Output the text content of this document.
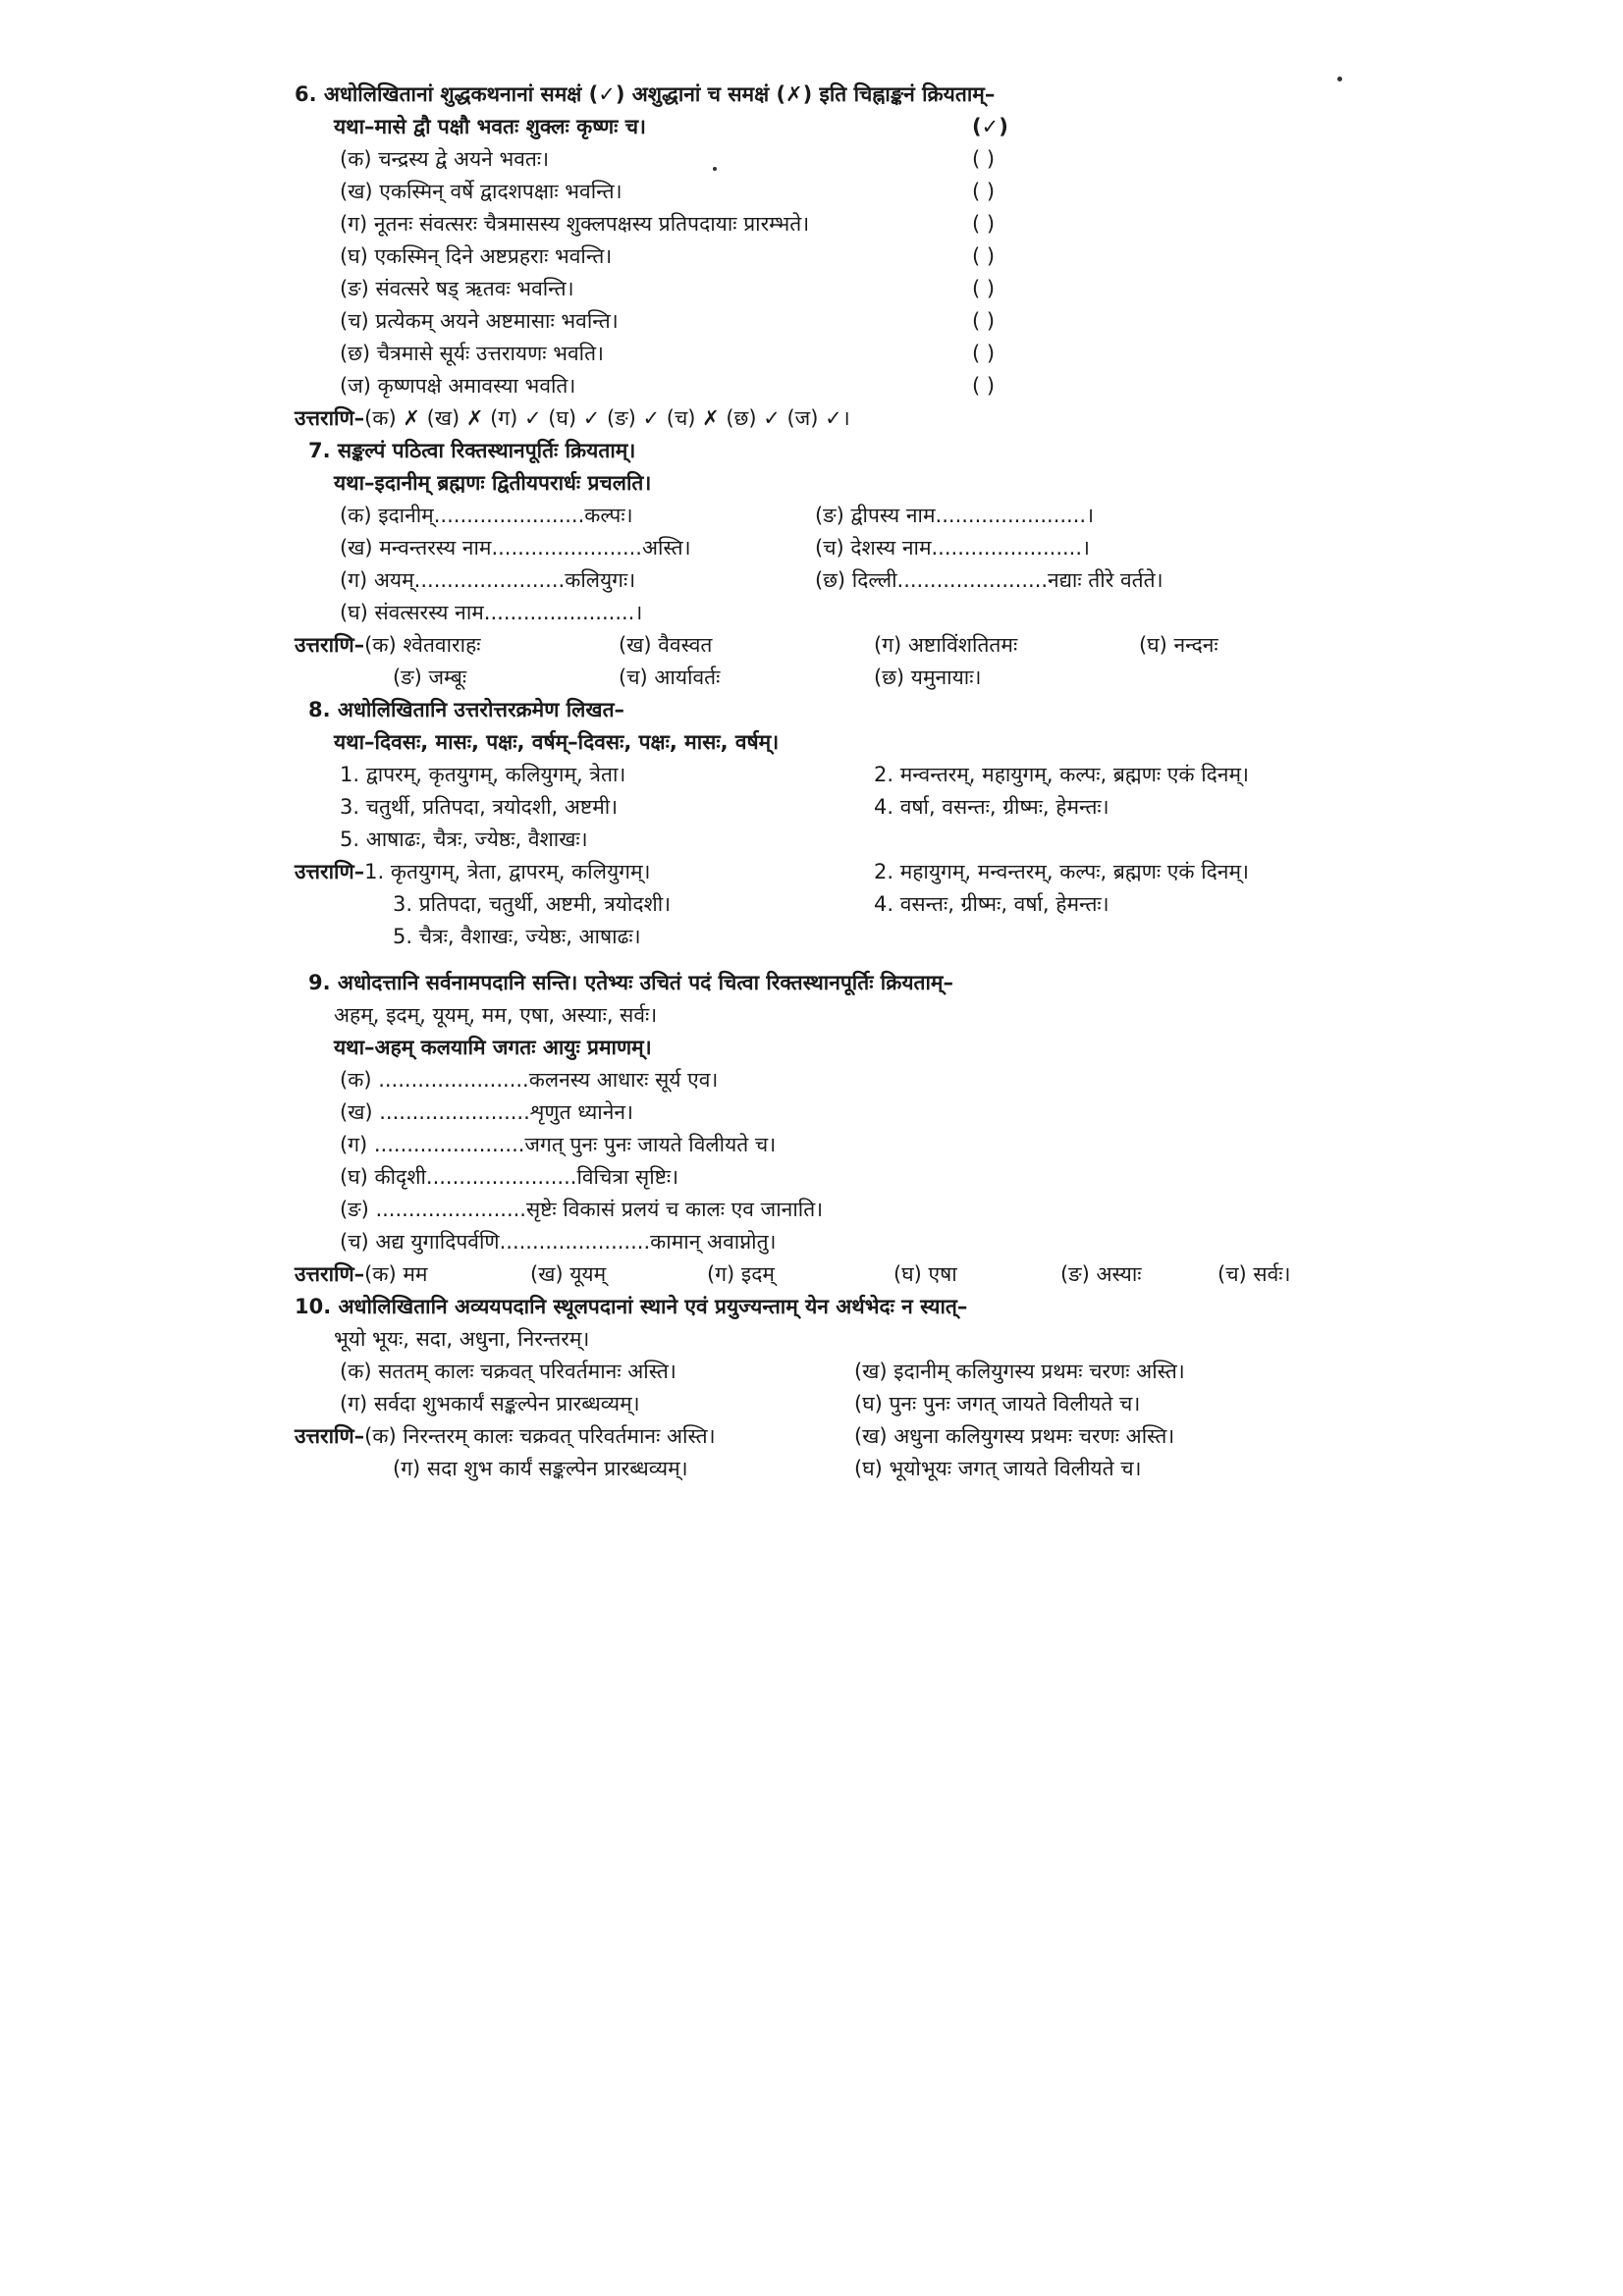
6. अधोलिखितानां शुद्धकथनानां समक्षं (✓) अशुद्धानां च समक्षं (✗) इति चिह्नाङ्कनं क्रियताम्–
यथा–मासे द्वौ पक्षौ भवतः शुक्लः कृष्णः च।	(✓)
(क) चन्द्रस्य द्वे अयने भवतः।	( )
(ख) एकस्मिन् वर्षे द्वादशपक्षाः भवन्ति।	( )
(ग) नूतनः संवत्सरः चैत्रमासस्य शुक्लपक्षस्य प्रतिपदायाः प्रारम्भते।	( )
(घ) एकस्मिन् दिने अष्टप्रहराः भवन्ति।	( )
(ङ) संवत्सरे षड् ऋतवः भवन्ति।	( )
(च) प्रत्येकम् अयने अष्टमासाः भवन्ति।	( )
(छ) चैत्रमासे सूर्यः उत्तरायणः भवति।	( )
(ज) कृष्णपक्षे अमावस्या भवति।	( )
उत्तराणि–(क) ✗ (ख) ✗ (ग) ✓ (घ) ✓ (ङ) ✓ (च) ✗ (छ) ✓ (ज) ✓।
7. सङ्कल्पं पठित्वा रिक्तस्थानपूर्तिः क्रियताम्।
यथा–इदानीम् ब्रह्मणः द्वितीयपरार्धः प्रचलति।
(क) इदानीम्.......................कल्पः।	(ङ) द्वीपस्य नाम.......................।
(ख) मन्वन्तरस्य नाम.......................अस्ति।	(च) देशस्य नाम.......................।
(ग) अयम्.......................कलियुगः।	(छ) दिल्ली.......................नद्याः तीरे वर्तते।
(घ) संवत्सरस्य नाम.......................।
उत्तराणि–(क) श्वेतवाराहः	(ख) वैवस्वत	(ग) अष्टाविंशतितमः	(घ) नन्दनः
(ङ) जम्बूः	(च) आर्यावर्तः	(छ) यमुनायाः।
8. अधोलिखितानि उत्तरोत्तरक्रमेण लिखत–
यथा–दिवसः, मासः, पक्षः, वर्षम्–दिवसः, पक्षः, मासः, वर्षम्।
1. द्वापरम्, कृतयुगम्, कलियुगम्, त्रेता।	2. मन्वन्तरम्, महायुगम्, कल्पः, ब्रह्मणः एकं दिनम्।
3. चतुर्थी, प्रतिपदा, त्रयोदशी, अष्टमी।	4. वर्षा, वसन्तः, ग्रीष्मः, हेमन्तः।
5. आषाढः, चैत्रः, ज्येष्ठः, वैशाखः।
उत्तराणि–1. कृतयुगम्, त्रेता, द्वापरम्, कलियुगम्।	2. महायुगम्, मन्वन्तरम्, कल्पः, ब्रह्मणः एकं दिनम्।
3. प्रतिपदा, चतुर्थी, अष्टमी, त्रयोदशी।	4. वसन्तः, ग्रीष्मः, वर्षा, हेमन्तः।
5. चैत्रः, वैशाखः, ज्येष्ठः, आषाढः।
9. अधोदत्तानि सर्वनामपदानि सन्ति। एतेभ्यः उचितं पदं चित्वा रिक्तस्थानपूर्तिः क्रियताम्–
अहम्, इदम्, यूयम्, मम, एषा, अस्याः, सर्वः।
यथा–अहम् कलयामि जगतः आयुः प्रमाणम्।
(क) .......................कलनस्य आधारः सूर्य एव।
(ख) .......................शृणुत ध्यानेन।
(ग) .......................जगत् पुनः पुनः जायते विलीयते च।
(घ) कीदृशी.......................विचित्रा सृष्टिः।
(ङ) .......................सृष्टेः विकासं प्रलयं च कालः एव जानाति।
(च) अद्य युगादिपर्वणि.......................कामान् अवाप्नोतु।
उत्तराणि–(क) मम	(ख) यूयम्	(ग) इदम्	(घ) एषा	(ङ) अस्याः	(च) सर्वः।
10. अधोलिखितानि अव्ययपदानि स्थूलपदानां स्थाने एवं प्रयुज्यन्ताम् येन अर्थभेदः न स्यात्–
भूयो भूयः, सदा, अधुना, निरन्तरम्।
(क) सततम् कालः चक्रवत् परिवर्तमानः अस्ति।	(ख) इदानीम् कलियुगस्य प्रथमः चरणः अस्ति।
(ग) सर्वदा शुभकार्यं सङ्कल्पेन प्रारब्धव्यम्।	(घ) पुनः पुनः जगत् जायते विलीयते च।
उत्तराणि–(क) निरन्तरम् कालः चक्रवत् परिवर्तमानः अस्ति।	(ख) अधुना कलियुगस्य प्रथमः चरणः अस्ति।
(ग) सदा शुभ कार्यं सङ्कल्पेन प्रारब्धव्यम्।	(घ) भूयोभूयः जगत् जायते विलीयते च।
